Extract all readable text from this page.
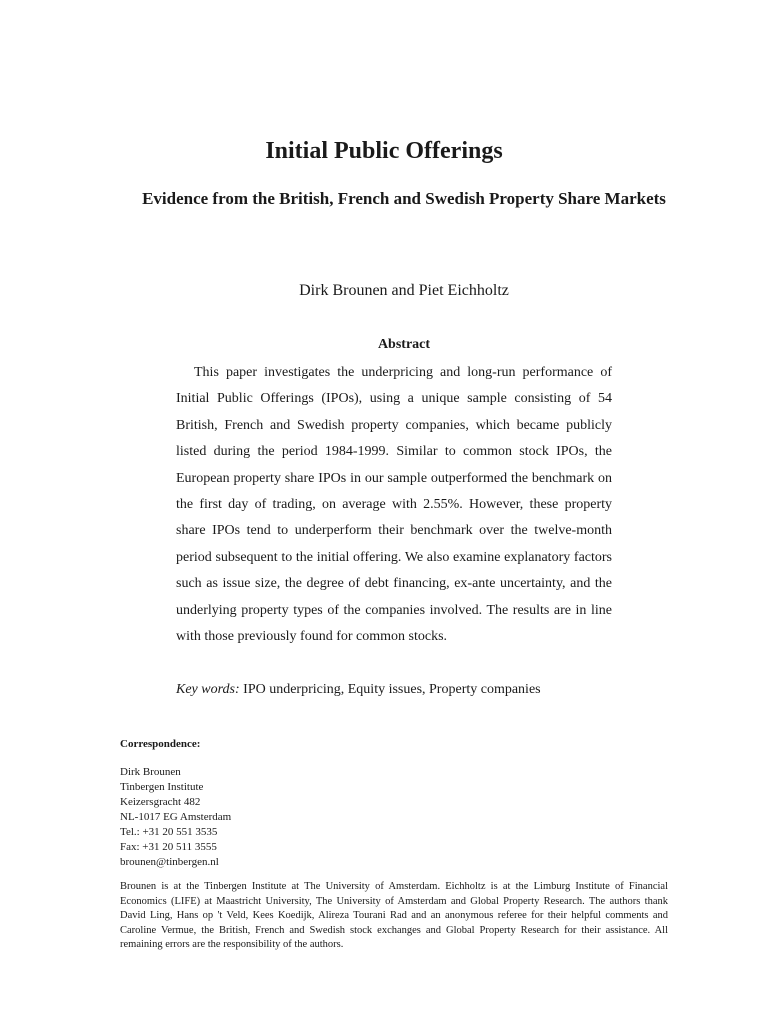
Initial Public Offerings
Evidence from the British, French and Swedish Property Share Markets

Dirk Brounen and Piet Eichholtz

Abstract

This paper investigates the underpricing and long-run performance of Initial Public Offerings (IPOs), using a unique sample consisting of 54 British, French and Swedish property companies, which became publicly listed during the period 1984-1999. Similar to common stock IPOs, the European property share IPOs in our sample outperformed the benchmark on the first day of trading, on average with 2.55%. However, these property share IPOs tend to underperform their benchmark over the twelve-month period subsequent to the initial offering. We also examine explanatory factors such as issue size, the degree of debt financing, ex-ante uncertainty, and the underlying property types of the companies involved. The results are in line with those previously found for common stocks.

Key words: IPO underpricing, Equity issues, Property companies

Correspondence:
Dirk Brounen
Tinbergen Institute
Keizersgracht 482
NL-1017 EG Amsterdam
Tel.: +31 20 551 3535
Fax: +31 20 511 3555
brounen@tinbergen.nl

Brounen is at the Tinbergen Institute at The University of Amsterdam. Eichholtz is at the Limburg Institute of Financial Economics (LIFE) at Maastricht University, The University of Amsterdam and Global Property Research. The authors thank David Ling, Hans op 't Veld, Kees Koedijk, Alireza Tourani Rad and an anonymous referee for their helpful comments and Caroline Vermue, the British, French and Swedish stock exchanges and Global Property Research for their assistance. All remaining errors are the responsibility of the authors.
